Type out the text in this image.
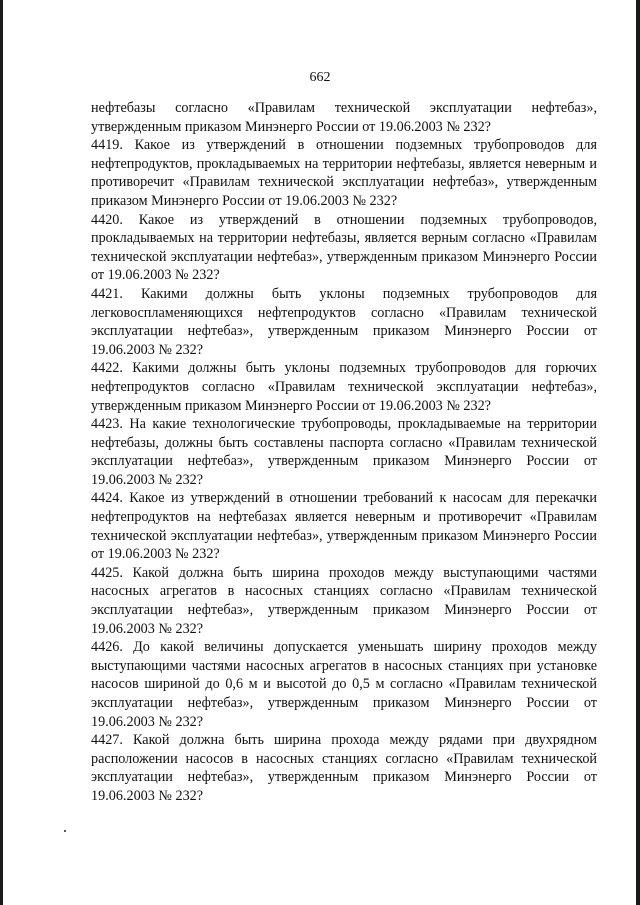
662

нефтебазы согласно «Правилам технической эксплуатации нефтебаз», утвержденным приказом Минэнерго России от 19.06.2003 № 232?

4419. Какое из утверждений в отношении подземных трубопроводов для нефтепродуктов, прокладываемых на территории нефтебазы, является неверным и противоречит «Правилам технической эксплуатации нефтебаз», утвержденным приказом Минэнерго России от 19.06.2003 № 232?

4420. Какое из утверждений в отношении подземных трубопроводов, прокладываемых на территории нефтебазы, является верным согласно «Правилам технической эксплуатации нефтебаз», утвержденным приказом Минэнерго России от 19.06.2003 № 232?

4421. Какими должны быть уклоны подземных трубопроводов для легковоспламеняющихся нефтепродуктов согласно «Правилам технической эксплуатации нефтебаз», утвержденным приказом Минэнерго России от 19.06.2003 № 232?

4422. Какими должны быть уклоны подземных трубопроводов для горючих нефтепродуктов согласно «Правилам технической эксплуатации нефтебаз», утвержденным приказом Минэнерго России от 19.06.2003 № 232?

4423. На какие технологические трубопроводы, прокладываемые на территории нефтебазы, должны быть составлены паспорта согласно «Правилам технической эксплуатации нефтебаз», утвержденным приказом Минэнерго России от 19.06.2003 № 232?

4424. Какое из утверждений в отношении требований к насосам для перекачки нефтепродуктов на нефтебазах является неверным и противоречит «Правилам технической эксплуатации нефтебаз», утвержденным приказом Минэнерго России от 19.06.2003 № 232?

4425. Какой должна быть ширина проходов между выступающими частями насосных агрегатов в насосных станциях согласно «Правилам технической эксплуатации нефтебаз», утвержденным приказом Минэнерго России от 19.06.2003 № 232?

4426. До какой величины допускается уменьшать ширину проходов между выступающими частями насосных агрегатов в насосных станциях при установке насосов шириной до 0,6 м и высотой до 0,5 м согласно «Правилам технической эксплуатации нефтебаз», утвержденным приказом Минэнерго России от 19.06.2003 № 232?

4427. Какой должна быть ширина прохода между рядами при двухрядном расположении насосов в насосных станциях согласно «Правилам технической эксплуатации нефтебаз», утвержденным приказом Минэнерго России от 19.06.2003 № 232?
